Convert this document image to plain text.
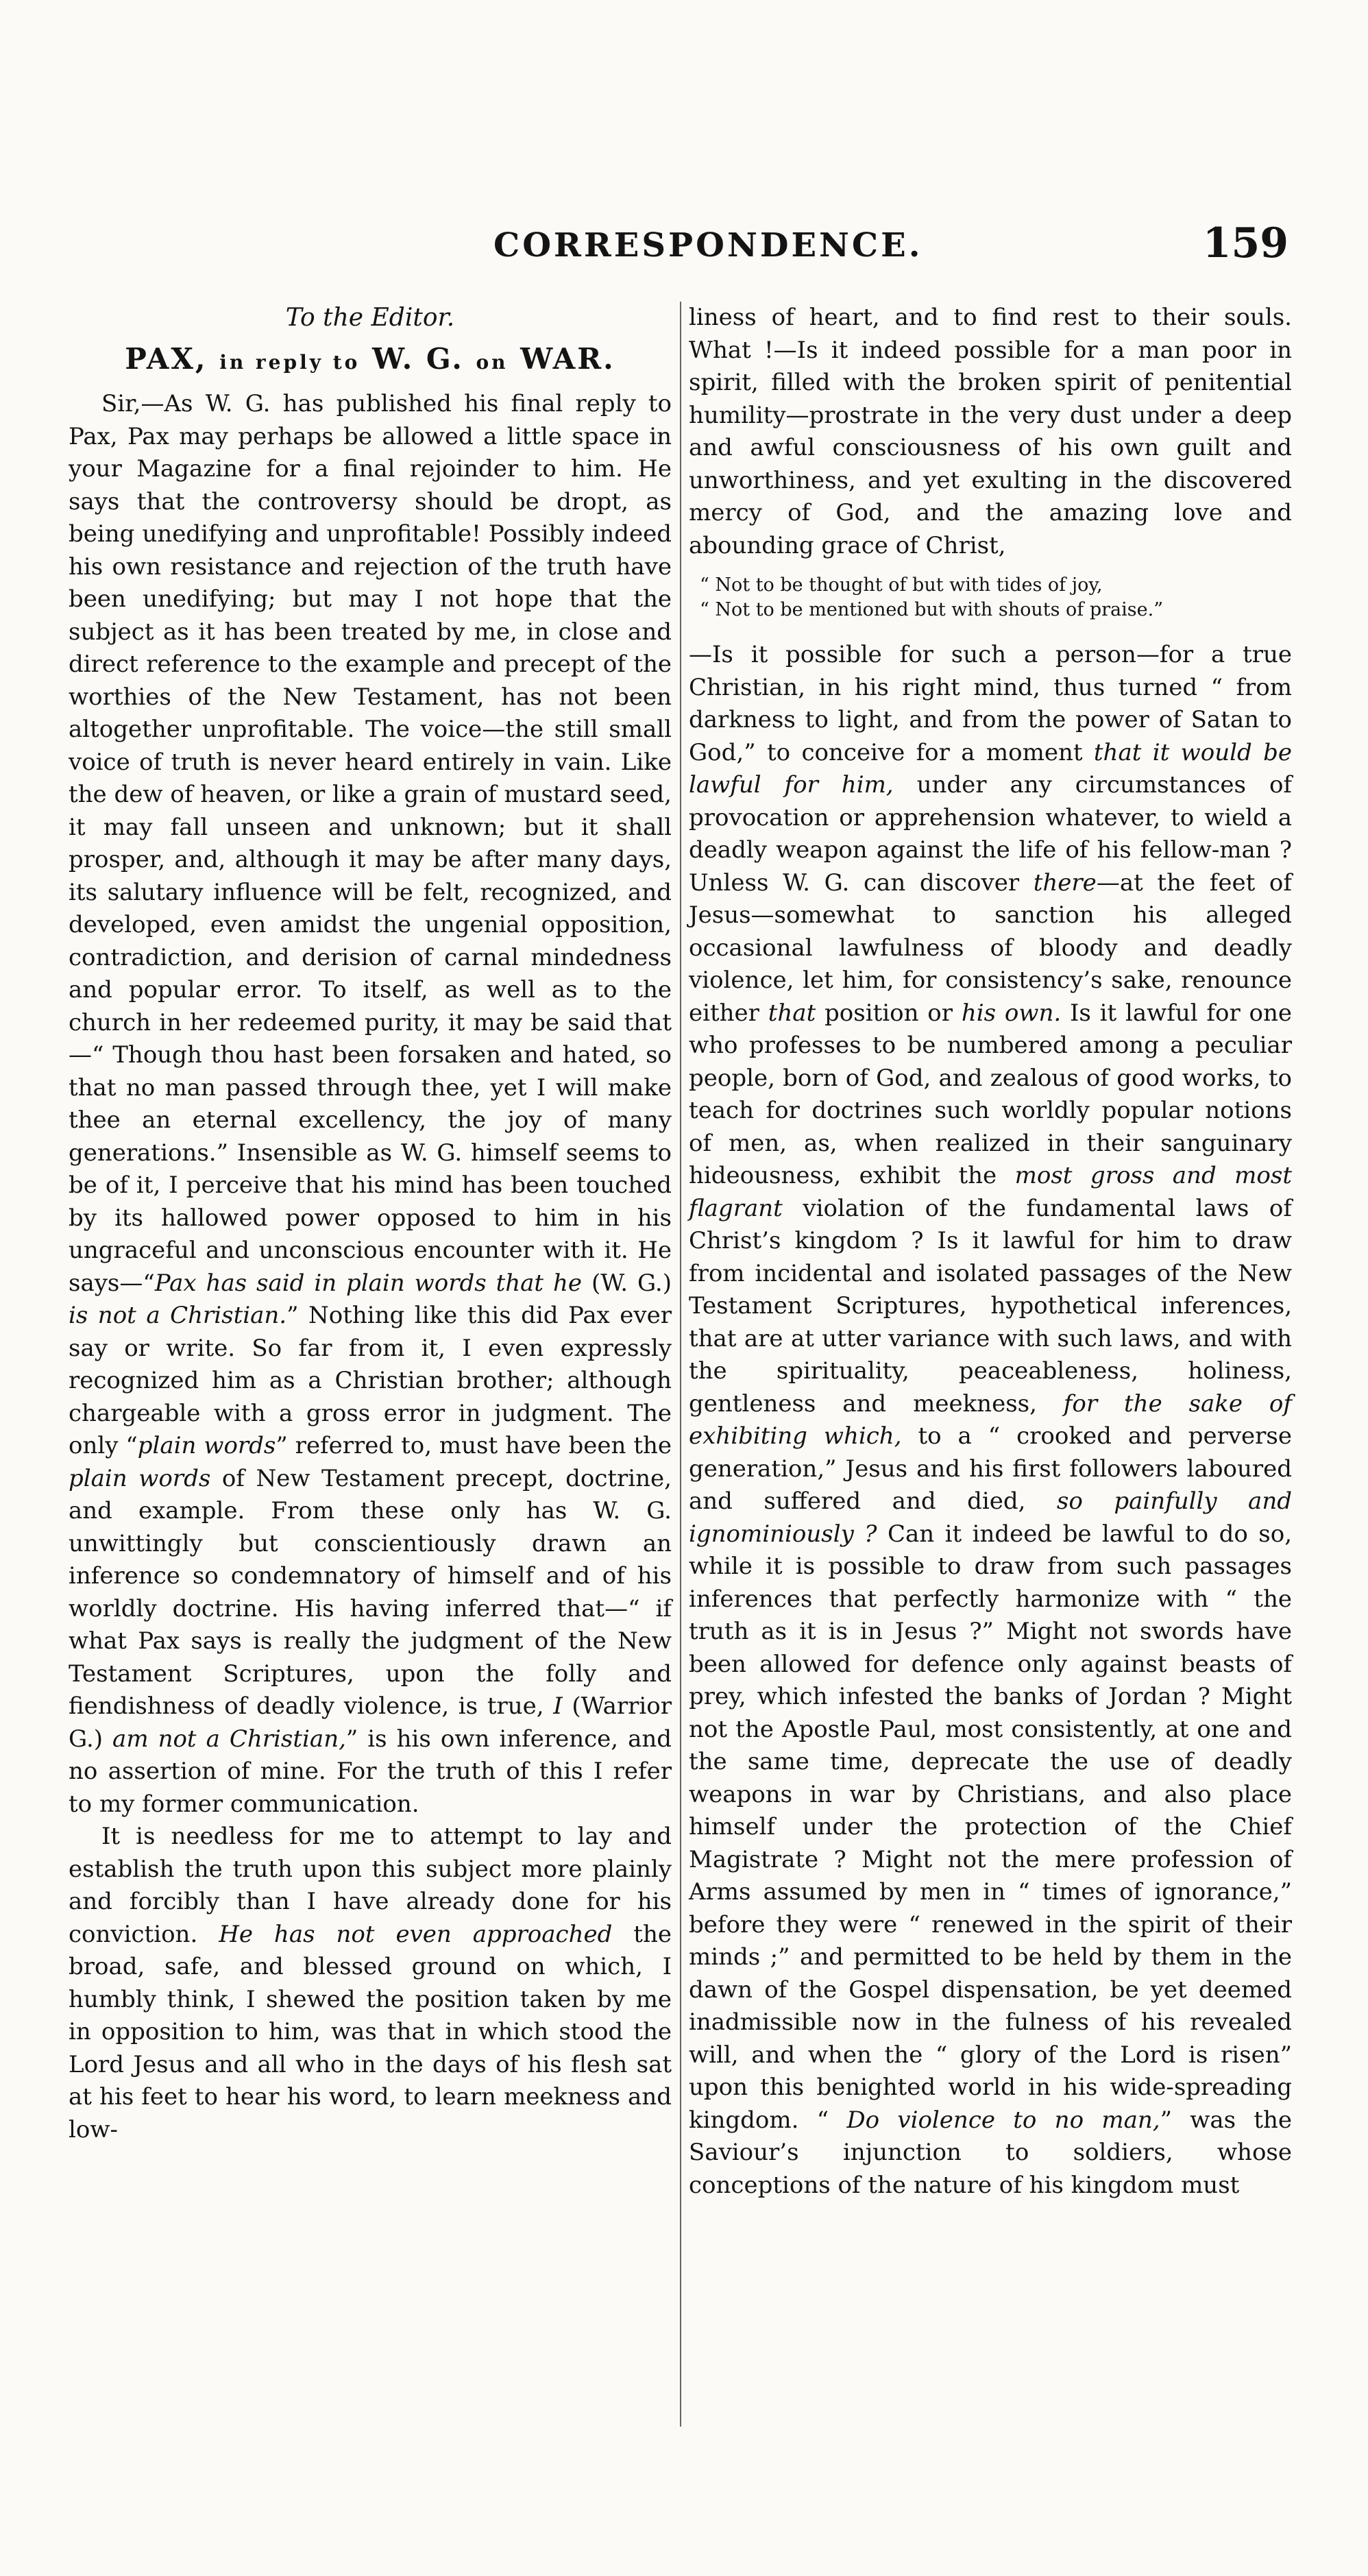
CORRESPONDENCE.	159
To the Editor.
PAX, in reply to W. G. on WAR.

Sir,—As W. G. has published his final reply to Pax, Pax may perhaps be allowed a little space in your Magazine for a final rejoinder to him. He says that the controversy should be dropt, as being unedifying and unprofitable! Possibly indeed his own resistance and rejection of the truth have been unedifying; but may I not hope that the subject as it has been treated by me, in close and direct reference to the example and precept of the worthies of the New Testament, has not been altogether unprofitable. The voice—the still small voice of truth is never heard entirely in vain. Like the dew of heaven, or like a grain of mustard seed, it may fall unseen and unknown; but it shall prosper, and, although it may be after many days, its salutary influence will be felt, recognized, and developed, even amidst the ungenial opposition, contradiction, and derision of carnal mindedness and popular error. To itself, as well as to the church in her redeemed purity, it may be said that—“ Though thou hast been forsaken and hated, so that no man passed through thee, yet I will make thee an eternal excellency, the joy of many generations.” Insensible as W. G. himself seems to be of it, I perceive that his mind has been touched by its hallowed power opposed to him in his ungraceful and unconscious encounter with it. He says—“Pax has said in plain words that he (W. G.) is not a Christian.” Nothing like this did Pax ever say or write. So far from it, I even expressly recognized him as a Christian brother; although chargeable with a gross error in judgment. The only “plain words” referred to, must have been the plain words of New Testament precept, doctrine, and example. From these only has W. G. unwittingly but conscientiously drawn an inference so condemnatory of himself and of his worldly doctrine. His having inferred that—“ if what Pax says is really the judgment of the New Testament Scriptures, upon the folly and fiendishness of deadly violence, is true, I (Warrior G.) am not a Christian,” is his own inference, and no assertion of mine. For the truth of this I refer to my former communication.

It is needless for me to attempt to lay and establish the truth upon this subject more plainly and forcibly than I have already done for his conviction. He has not even approached the broad, safe, and blessed ground on which, I humbly think, I shewed the position taken by me in opposition to him, was that in which stood the Lord Jesus and all who in the days of his flesh sat at his feet to hear his word, to learn meekness and low-

liness of heart, and to find rest to their souls. What !—Is it indeed possible for a man poor in spirit, filled with the broken spirit of penitential humility—prostrate in the very dust under a deep and awful consciousness of his own guilt and unworthiness, and yet exulting in the discovered mercy of God, and the amazing love and abounding grace of Christ,

“ Not to be thought of but with tides of joy,
“ Not to be mentioned but with shouts of praise.”

—Is it possible for such a person—for a true Christian, in his right mind, thus turned “ from darkness to light, and from the power of Satan to God,” to conceive for a moment that it would be lawful for him, under any circumstances of provocation or apprehension whatever, to wield a deadly weapon against the life of his fellow-man ? Unless W. G. can discover there—at the feet of Jesus—somewhat to sanction his alleged occasional lawfulness of bloody and deadly violence, let him, for consistency’s sake, renounce either that position or his own. Is it lawful for one who professes to be numbered among a peculiar people, born of God, and zealous of good works, to teach for doctrines such worldly popular notions of men, as, when realized in their sanguinary hideousness, exhibit the most gross and most flagrant violation of the fundamental laws of Christ’s kingdom ? Is it lawful for him to draw from incidental and isolated passages of the New Testament Scriptures, hypothetical inferences, that are at utter variance with such laws, and with the spirituality, peaceableness, holiness, gentleness and meekness, for the sake of exhibiting which, to a “ crooked and perverse generation,” Jesus and his first followers laboured and suffered and died, so painfully and ignominiously ? Can it indeed be lawful to do so, while it is possible to draw from such passages inferences that perfectly harmonize with “ the truth as it is in Jesus ?” Might not swords have been allowed for defence only against beasts of prey, which infested the banks of Jordan ? Might not the Apostle Paul, most consistently, at one and the same time, deprecate the use of deadly weapons in war by Christians, and also place himself under the protection of the Chief Magistrate ? Might not the mere profession of Arms assumed by men in “ times of ignorance,” before they were “ renewed in the spirit of their minds ;” and permitted to be held by them in the dawn of the Gospel dispensation, be yet deemed inadmissible now in the fulness of his revealed will, and when the “ glory of the Lord is risen” upon this benighted world in his wide-spreading kingdom. “ Do violence to no man,” was the Saviour’s injunction to soldiers, whose conceptions of the nature of his kingdom must
